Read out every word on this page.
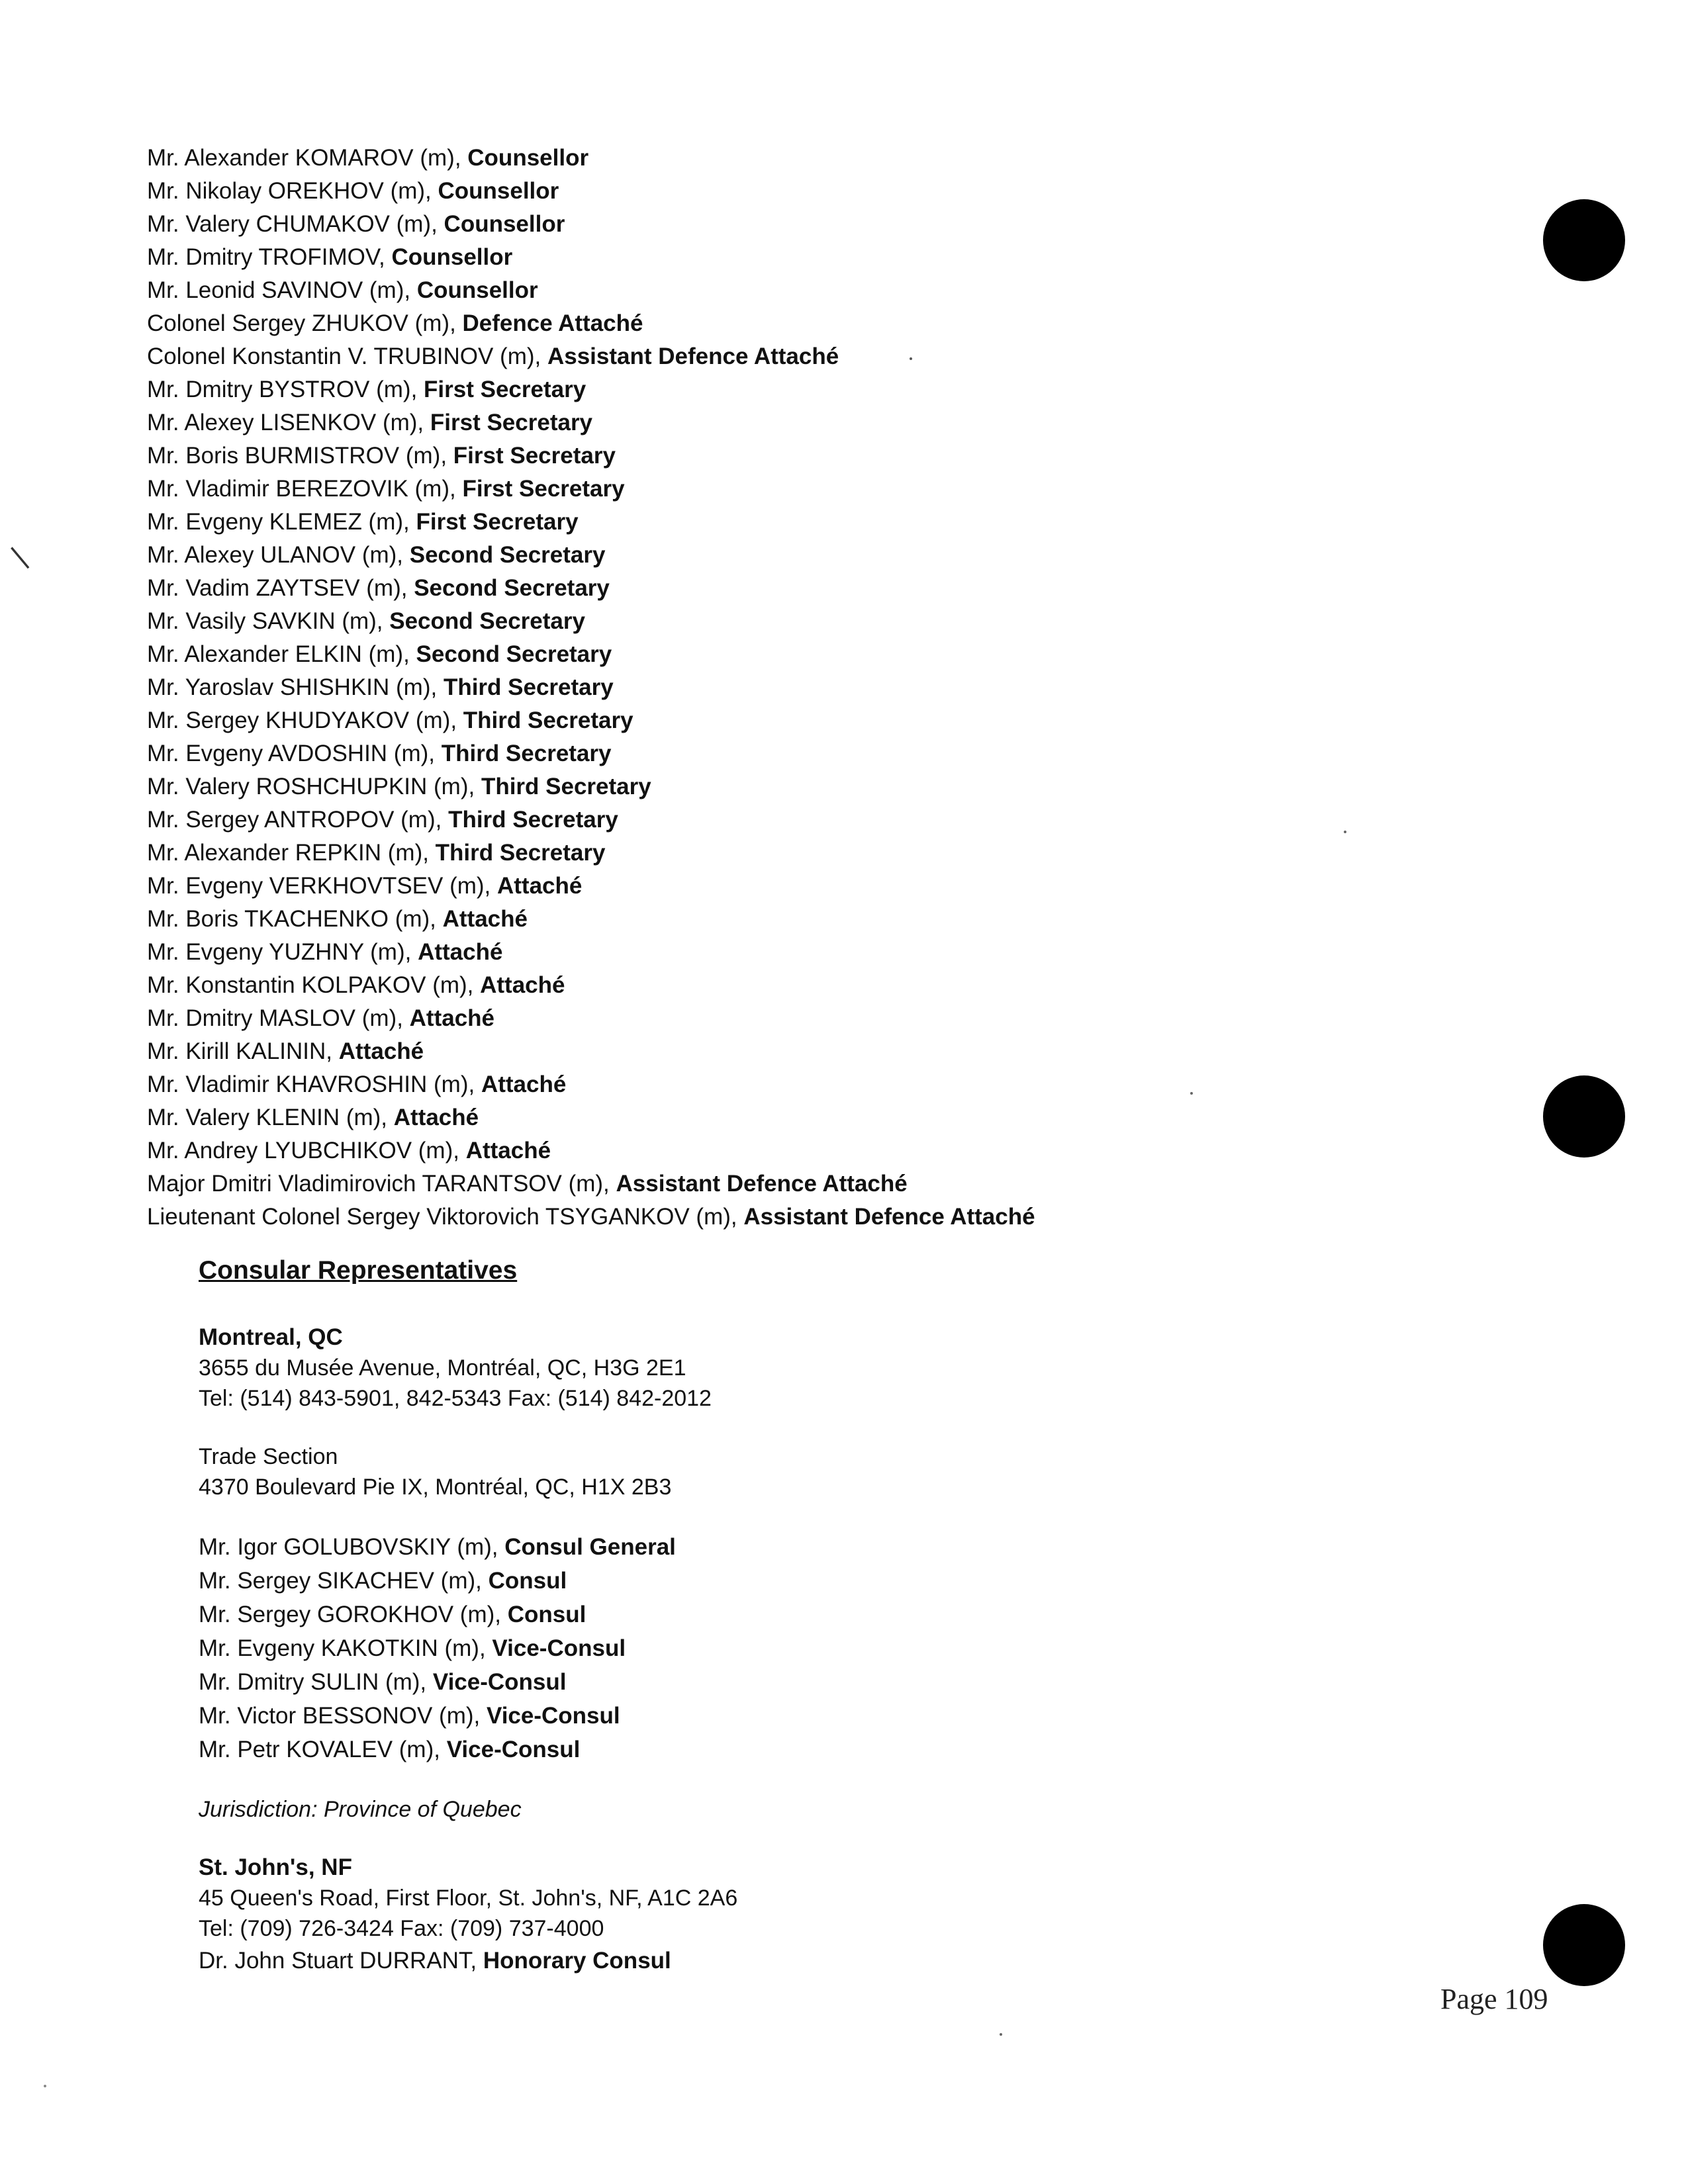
|
Mr. Alexander KOMAROV (m), Counsellor
Mr. Nikolay OREKHOV (m), Counsellor
Mr. Valery CHUMAKOV (m), Counsellor
Mr. Dmitry TROFIMOV, Counsellor
Mr. Leonid SAVINOV (m), Counsellor
Colonel Sergey ZHUKOV (m), Defence Attaché
Colonel Konstantin V. TRUBINOV (m), Assistant Defence Attaché
Mr. Dmitry BYSTROV (m), First Secretary
Mr. Alexey LISENKOV (m), First Secretary
Mr. Boris BURMISTROV (m), First Secretary
Mr. Vladimir BEREZOVIK (m), First Secretary
Mr. Evgeny KLEMEZ (m), First Secretary
Mr. Alexey ULANOV (m), Second Secretary
Mr. Vadim ZAYTSEV (m), Second Secretary
Mr. Vasily SAVKIN (m), Second Secretary
Mr. Alexander ELKIN (m), Second Secretary
Mr. Yaroslav SHISHKIN (m), Third Secretary
Mr. Sergey KHUDYAKOV (m), Third Secretary
Mr. Evgeny AVDOSHIN (m), Third Secretary
Mr. Valery ROSHCHUPKIN (m), Third Secretary
Mr. Sergey ANTROPOV (m), Third Secretary
Mr. Alexander REPKIN (m), Third Secretary
Mr. Evgeny VERKHOVTSEV (m), Attaché
Mr. Boris TKACHENKO (m), Attaché
Mr. Evgeny YUZHNY (m), Attaché
Mr. Konstantin KOLPAKOV (m), Attaché
Mr. Dmitry MASLOV (m), Attaché
Mr. Kirill KALININ, Attaché
Mr. Vladimir KHAVROSHIN (m), Attaché
Mr. Valery KLENIN (m), Attaché
Mr. Andrey LYUBCHIKOV (m), Attaché
Major Dmitri Vladimirovich TARANTSOV (m), Assistant Defence Attaché
Lieutenant Colonel Sergey Viktorovich TSYGANKOV (m), Assistant Defence Attaché
Consular Representatives
Montreal, QC
3655 du Musée Avenue, Montréal, QC, H3G 2E1
Tel: (514) 843-5901, 842-5343 Fax: (514) 842-2012
Trade Section
4370 Boulevard Pie IX, Montréal, QC, H1X 2B3
Mr. Igor GOLUBOVSKIY (m), Consul General
Mr. Sergey SIKACHEV (m), Consul
Mr. Sergey GOROKHOV (m), Consul
Mr. Evgeny KAKOTKIN (m), Vice-Consul
Mr. Dmitry SULIN (m), Vice-Consul
Mr. Victor BESSONOV (m), Vice-Consul
Mr. Petr KOVALEV (m), Vice-Consul
Jurisdiction: Province of Quebec
St. John's, NF
45 Queen's Road, First Floor, St. John's, NF, A1C 2A6
Tel: (709) 726-3424 Fax: (709) 737-4000
Dr. John Stuart DURRANT, Honorary Consul
Page 109
